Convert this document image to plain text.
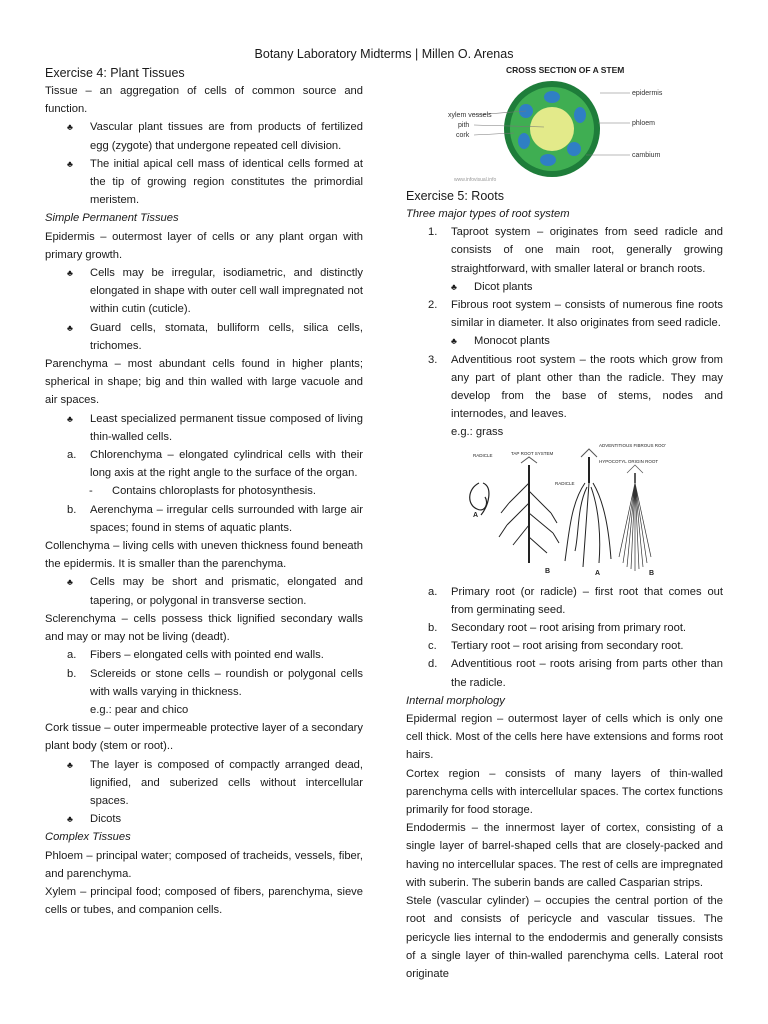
Botany Laboratory Midterms | Millen O. Arenas

Exercise 4: Plant Tissues

Tissue – an aggregation of cells of common source and function.

♣ Vascular plant tissues are from products of fertilized egg (zygote) that undergone repeated cell division.

♣ The initial apical cell mass of identical cells formed at the tip of growing region constitutes the primordial meristem.

Simple Permanent Tissues

Epidermis – outermost layer of cells or any plant organ with primary growth.

♣ Cells may be irregular, isodiametric, and distinctly elongated in shape with outer cell wall impregnated not within cutin (cuticle).

♣ Guard cells, stomata, bulliform cells, silica cells, trichomes.

Parenchyma – most abundant cells found in higher plants; spherical in shape; big and thin walled with large vacuole and air spaces.

♣ Least specialized permanent tissue composed of living thin-walled cells.

a. Chlorenchyma – elongated cylindrical cells with their long axis at the right angle to the surface of the organ.

- Contains chloroplasts for photosynthesis.

b. Aerenchyma – irregular cells surrounded with large air spaces; found in stems of aquatic plants.

Collenchyma – living cells with uneven thickness found beneath the epidermis. It is smaller than the parenchyma.

♣ Cells may be short and prismatic, elongated and tapering, or polygonal in transverse section.

Sclerenchyma – cells possess thick lignified secondary walls and may or may not be living (deadt).

a. Fibers – elongated cells with pointed end walls.

b. Sclereids or stone cells – roundish or polygonal cells with walls varying in thickness.

e.g.: pear and chico

Cork tissue – outer impermeable protective layer of a secondary plant body (stem or root)..

♣ The layer is composed of compactly arranged dead, lignified, and suberized cells without intercellular spaces.

♣ Dicots

Complex Tissues

Phloem – principal water; composed of tracheids, vessels, fiber, and parenchyma.

Xylem – principal food; composed of fibers, parenchyma, sieve cells or tubes, and companion cells.

CROSS SECTION OF A STEM
xylem vessels
pith
cork
epidermis
phloem
cambium
www.infovisual.info

Exercise 5: Roots

Three major types of root system

1. Taproot system – originates from seed radicle and consists of one main root, generally growing straightforward, with smaller lateral or branch roots.

♣ Dicot plants

2. Fibrous root system – consists of numerous fine roots similar in diameter. It also originates from seed radicle.

♣ Monocot plants

3. Adventitious root system – the roots which grow from any part of plant other than the radicle. They may develop from the base of stems, nodes and internodes, and leaves.

e.g.: grass

a. Primary root (or radicle) – first root that comes out from germinating seed.

b. Secondary root – root arising from primary root.

c. Tertiary root – root arising from secondary root.

d. Adventitious root – roots arising from parts other than the radicle.

Internal morphology

Epidermal region – outermost layer of cells which is only one cell thick. Most of the cells here have extensions and forms root hairs.

Cortex region – consists of many layers of thin-walled parenchyma cells with intercellular spaces. The cortex functions primarily for food storage.

Endodermis – the innermost layer of cortex, consisting of a single layer of barrel-shaped cells that are closely-packed and having no intercellular spaces. The rest of cells are impregnated with suberin. The suberin bands are called Casparian strips.

Stele (vascular cylinder) – occupies the central portion of the root and consists of pericycle and vascular tissues. The pericycle lies internal to the endodermis and generally consists of a single layer of thin-walled parenchyma cells. Lateral root originate

RADICLE	TAP ROOT SYSTEM
ADVENTITIOUS FIBROUS ROOT
HYPOCOTYL ORIGIN ROOT
RADICLE
A
B	A	B
